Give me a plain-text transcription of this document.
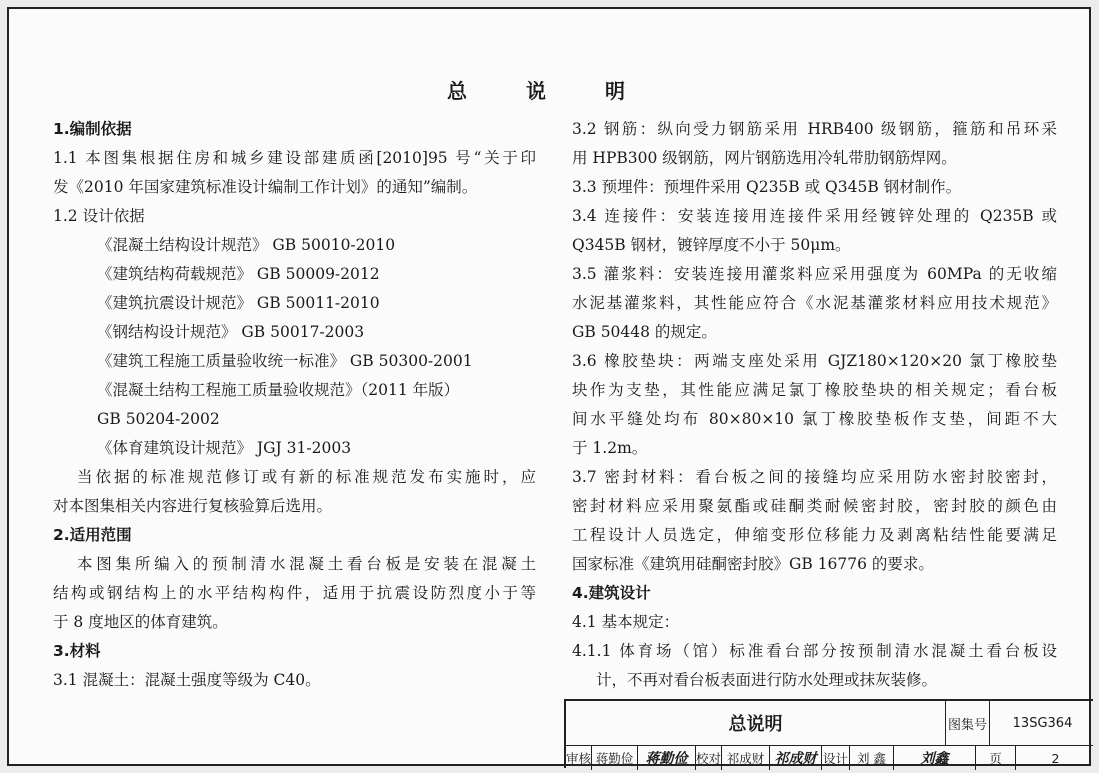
总 说 明
1.编制依据
1.1 本图集根据住房和城乡建设部建质函[2010]95 号“关于印
发《2010 年国家建筑标准设计编制工作计划》的通知”编制。
1.2 设计依据
《混凝土结构设计规范》 GB 50010-2010
《建筑结构荷载规范》 GB 50009-2012
《建筑抗震设计规范》 GB 50011-2010
《钢结构设计规范》 GB 50017-2003
《建筑工程施工质量验收统一标准》 GB 50300-2001
《混凝土结构工程施工质量验收规范》（2011 年版）
GB 50204-2002
《体育建筑设计规范》 JGJ 31-2003
当依据的标准规范修订或有新的标准规范发布实施时，应
对本图集相关内容进行复核验算后选用。
2.适用范围
本图集所编入的预制清水混凝土看台板是安装在混凝土
结构或钢结构上的水平结构构件，适用于抗震设防烈度小于等
于 8 度地区的体育建筑。
3.材料
3.1 混凝土：混凝土强度等级为 C40。
3.2 钢筋：纵向受力钢筋采用 HRB400 级钢筋，箍筋和吊环采
用 HPB300 级钢筋，网片钢筋选用冷轧带肋钢筋焊网。
3.3 预埋件：预埋件采用 Q235B 或 Q345B 钢材制作。
3.4 连接件：安装连接用连接件采用经镀锌处理的 Q235B 或
Q345B 钢材，镀锌厚度不小于 50μm。
3.5 灌浆料：安装连接用灌浆料应采用强度为 60MPa 的无收缩
水泥基灌浆料，其性能应符合《水泥基灌浆材料应用技术规范》
GB 50448 的规定。
3.6 橡胶垫块：两端支座处采用 GJZ180×120×20 氯丁橡胶垫
块作为支垫，其性能应满足氯丁橡胶垫块的相关规定；看台板
间水平缝处均布 80×80×10 氯丁橡胶垫板作支垫，间距不大
于 1.2m。
3.7 密封材料：看台板之间的接缝均应采用防水密封胶密封，
密封材料应采用聚氨酯或硅酮类耐候密封胶，密封胶的颜色由
工程设计人员选定，伸缩变形位移能力及剥离粘结性能要满足
国家标准《建筑用硅酮密封胶》GB 16776 的要求。
4.建筑设计
4.1 基本规定：
4.1.1 体育场（馆）标准看台部分按预制清水混凝土看台板设
计，不再对看台板表面进行防水处理或抹灰装修。
总说明	图集号	13SG364
审核 蒋勤俭 蒋勤俭 校对 祁成财 祁成财 设计 刘 鑫	刘鑫	页	2
